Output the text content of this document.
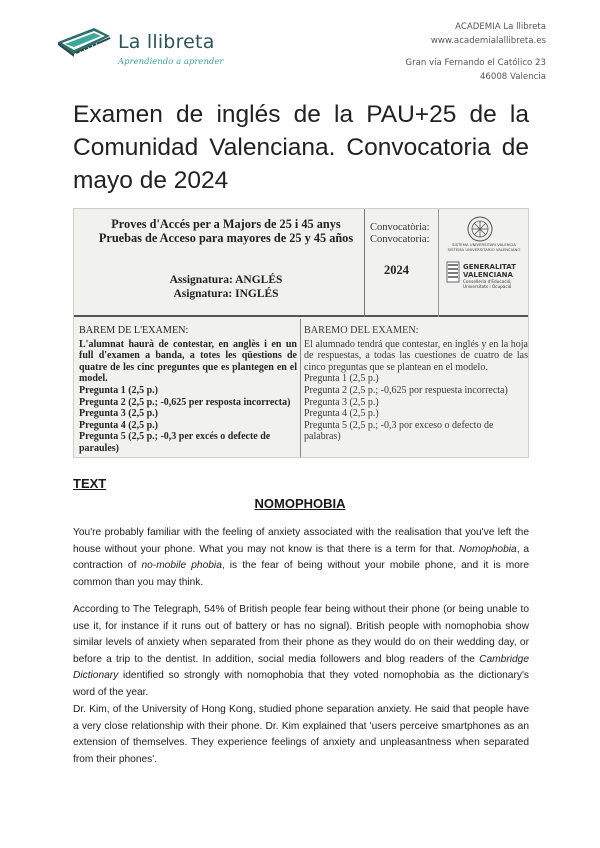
La llibreta
Aprendiendo a aprender
ACADEMIA La llibreta
www.academialallibreta.es
Gran vía Fernando el Católico 23
46008 Valencia
Examen de inglés de la PAU+25 de la Comunidad Valenciana. Convocatoria de mayo de 2024
Proves d'Accés per a Majors de 25 i 45 anys
Pruebas de Acceso para mayores de 25 y 45 años
Assignatura: ANGLÉS
Asignatura: INGLÉS
Convocatòria:
Convocatoria:
2024
SISTEMA UNIVERSITARI VALENCIÀ SISTEMA UNIVERSITARIO VALENCIANO
GENERALITAT
VALENCIANA
Conselleria d'Educació, Universitats i Ocupació
BAREM DE L'EXAMEN:
L'alumnat haurà de contestar, en anglès i en un full d'examen a banda, a totes les qüestions de quatre de les cinc preguntes que es plantegen en el model.
Pregunta 1 (2,5 p.)
Pregunta 2 (2,5 p.; -0,625 per resposta incorrecta)
Pregunta 3 (2,5 p.)
Pregunta 4 (2,5 p.)
Pregunta 5 (2,5 p.; -0,3 per excés o defecte de paraules)
BAREMO DEL EXAMEN:
El alumnado tendrá que contestar, en inglés y en la hoja de respuestas, a todas las cuestiones de cuatro de las cinco preguntas que se plantean en el modelo.
Pregunta 1 (2,5 p.)
Pregunta 2 (2,5 p.; -0,625 por respuesta incorrecta)
Pregunta 3 (2,5 p.)
Pregunta 4 (2,5 p.)
Pregunta 5 (2,5 p.; -0,3 por exceso o defecto de palabras)
TEXT
NOMOPHOBIA

You're probably familiar with the feeling of anxiety associated with the realisation that you've left the house without your phone. What you may not know is that there is a term for that. Nomophobia, a contraction of no-mobile phobia, is the fear of being without your mobile phone, and it is more common than you may think.

According to The Telegraph, 54% of British people fear being without their phone (or being unable to use it, for instance if it runs out of battery or has no signal). British people with nomophobia show similar levels of anxiety when separated from their phone as they would do on their wedding day, or before a trip to the dentist. In addition, social media followers and blog readers of the Cambridge Dictionary identified so strongly with nomophobia that they voted nomophobia as the dictionary's word of the year.

Dr. Kim, of the University of Hong Kong, studied phone separation anxiety. He said that people have a very close relationship with their phone. Dr. Kim explained that 'users perceive smartphones as an extension of themselves. They experience feelings of anxiety and unpleasantness when separated from their phones'.
